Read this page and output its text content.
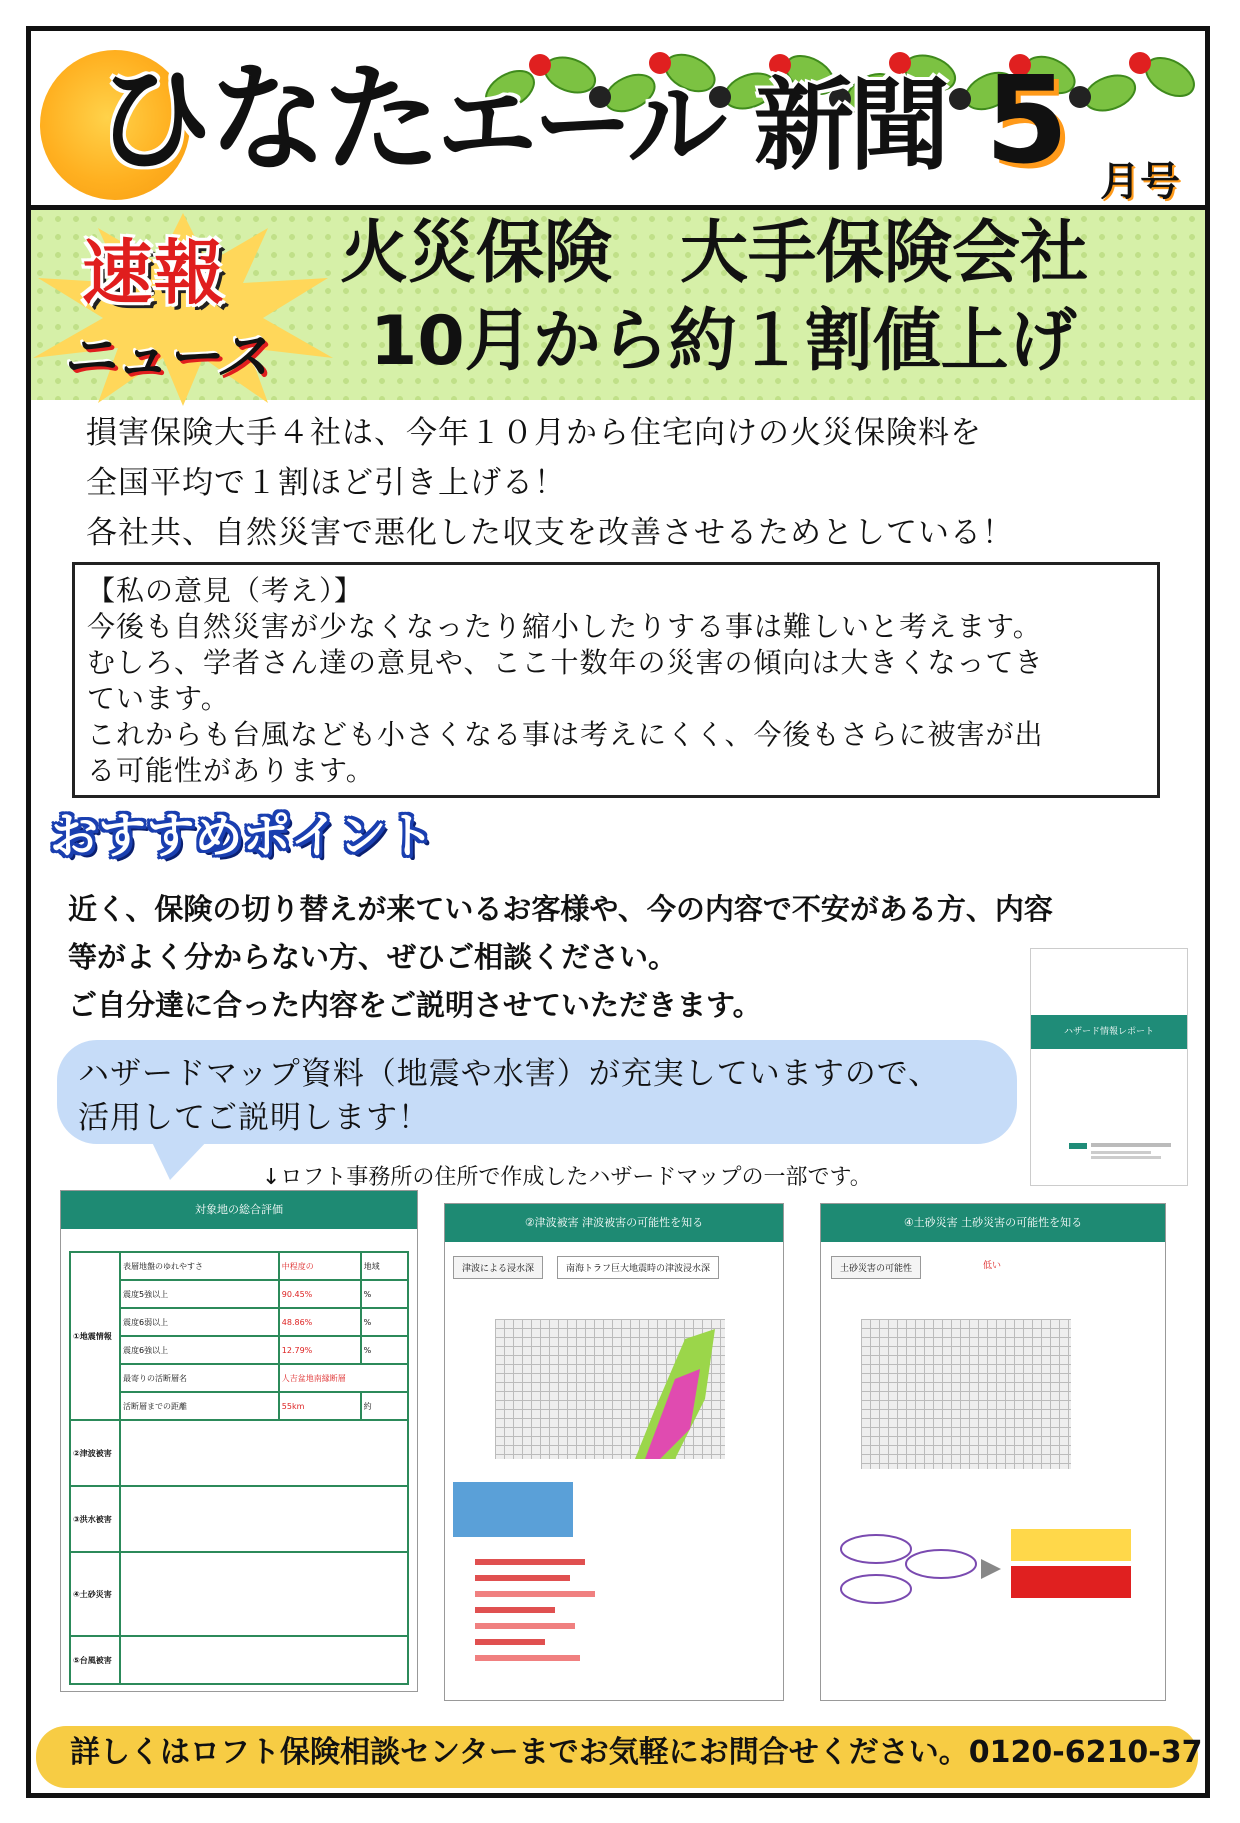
ひなたエール 新聞 5 月号
速報
ニュース
火災保険　大手保険会社
10月から約１割値上げ
損害保険大手４社は、今年１０月から住宅向けの火災保険料を
全国平均で１割ほど引き上げる！
各社共、自然災害で悪化した収支を改善させるためとしている！
【私の意見（考え）】
今後も自然災害が少なくなったり縮小したりする事は難しいと考えます。
むしろ、学者さん達の意見や、ここ十数年の災害の傾向は大きくなってき
ています。
これからも台風なども小さくなる事は考えにくく、今後もさらに被害が出
る可能性があります。
おすすめポイント
近く、保険の切り替えが来ているお客様や、今の内容で不安がある方、内容
等がよく分からない方、ぜひご相談ください。
ご自分達に合った内容をご説明させていただきます。
ハザード情報レポート
ハザードマップ資料（地震や水害）が充実していますので、
活用してご説明します！
↓ロフト事務所の住所で作成したハザードマップの一部です。
対象地の総合評価
①地震情報	表層地盤のゆれやすさ	中程度の	地域
	震度5強以上	90.45%	%
	震度6弱以上	48.86%	%
	震度6強以上	12.79%	%
	最寄りの活断層名	人吉盆地南縁断層	
	活断層までの距離	55km	約
②津波被害			
③洪水被害			
④土砂災害			
⑤台風被害			
②津波被害 津波被害の可能性を知る
津波による浸水深	南海トラフ巨大地震時の津波浸水深
④土砂災害 土砂災害の可能性を知る
土砂災害の可能性	低い
詳しくはロフト保険相談センターまでお気軽にお問合せください。0120-6210-37
